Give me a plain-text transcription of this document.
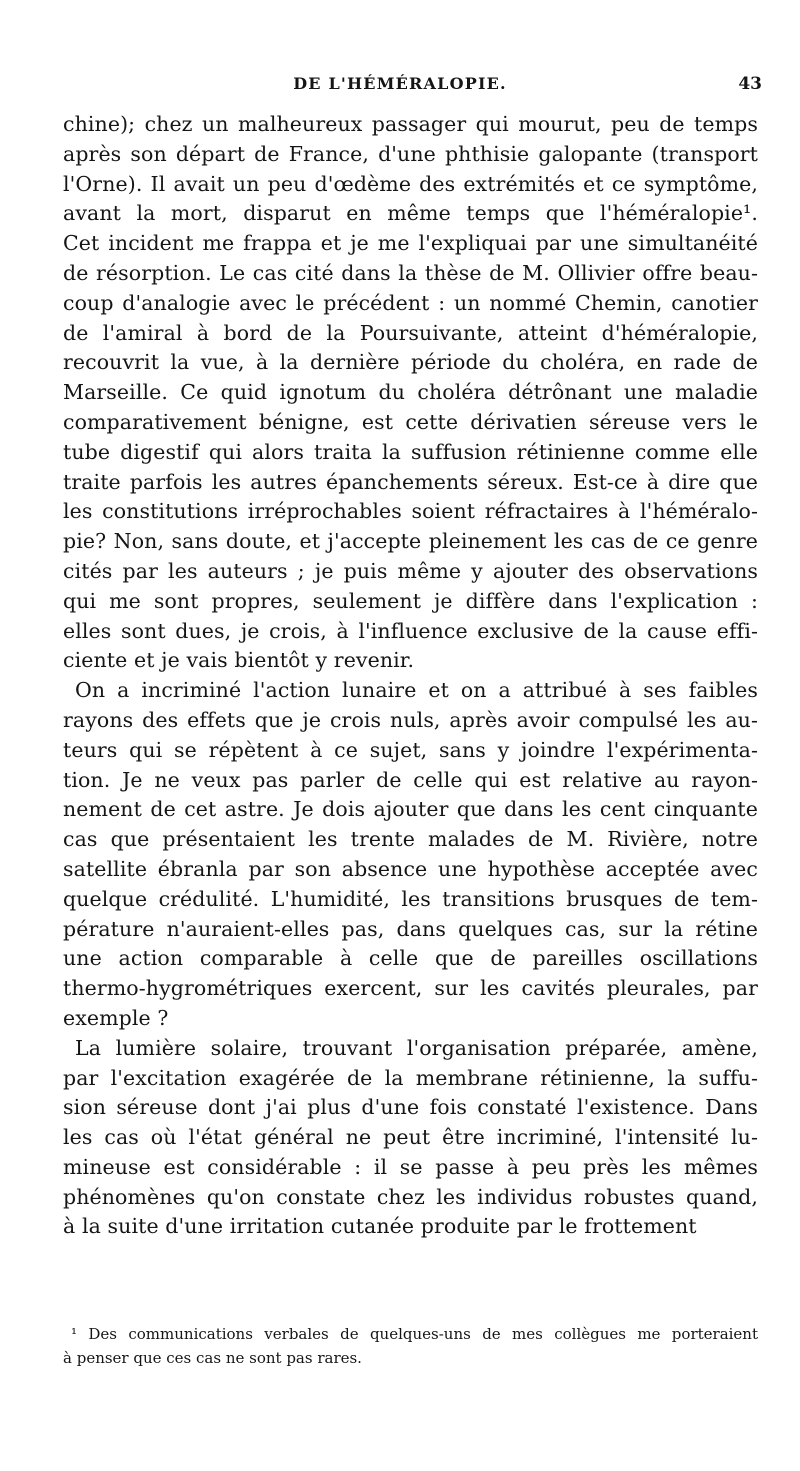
DE L'HÉMÉRALOPIE.	43
chine); chez un malheureux passager qui mourut, peu de temps
après son départ de France, d'une phthisie galopante (transport
l'Orne). Il avait un peu d'œdème des extrémités et ce symptôme,
avant la mort, disparut en même temps que l'héméralopie¹.
Cet incident me frappa et je me l'expliquai par une simultanéité
de résorption. Le cas cité dans la thèse de M. Ollivier offre beau-
coup d'analogie avec le précédent : un nommé Chemin, canotier
de l'amiral à bord de la Poursuivante, atteint d'héméralopie,
recouvrit la vue, à la dernière période du choléra, en rade de
Marseille. Ce quid ignotum du choléra détrônant une maladie
comparativement bénigne, est cette dérivatien séreuse vers le
tube digestif qui alors traita la suffusion rétinienne comme elle
traite parfois les autres épanchements séreux. Est-ce à dire que
les constitutions irréprochables soient réfractaires à l'héméralo-
pie? Non, sans doute, et j'accepte pleinement les cas de ce genre
cités par les auteurs ; je puis même y ajouter des observations
qui me sont propres, seulement je diffère dans l'explication :
elles sont dues, je crois, à l'influence exclusive de la cause effi-
ciente et je vais bientôt y revenir.
On a incriminé l'action lunaire et on a attribué à ses faibles
rayons des effets que je crois nuls, après avoir compulsé les au-
teurs qui se répètent à ce sujet, sans y joindre l'expérimenta-
tion. Je ne veux pas parler de celle qui est relative au rayon-
nement de cet astre. Je dois ajouter que dans les cent cinquante
cas que présentaient les trente malades de M. Rivière, notre
satellite ébranla par son absence une hypothèse acceptée avec
quelque crédulité. L'humidité, les transitions brusques de tem-
pérature n'auraient-elles pas, dans quelques cas, sur la rétine
une action comparable à celle que de pareilles oscillations
thermo-hygrométriques exercent, sur les cavités pleurales, par
exemple ?
La lumière solaire, trouvant l'organisation préparée, amène,
par l'excitation exagérée de la membrane rétinienne, la suffu-
sion séreuse dont j'ai plus d'une fois constaté l'existence. Dans
les cas où l'état général ne peut être incriminé, l'intensité lu-
mineuse est considérable : il se passe à peu près les mêmes
phénomènes qu'on constate chez les individus robustes quand,
à la suite d'une irritation cutanée produite par le frottement
¹ Des communications verbales de quelques-uns de mes collègues me porteraient
à penser que ces cas ne sont pas rares.
